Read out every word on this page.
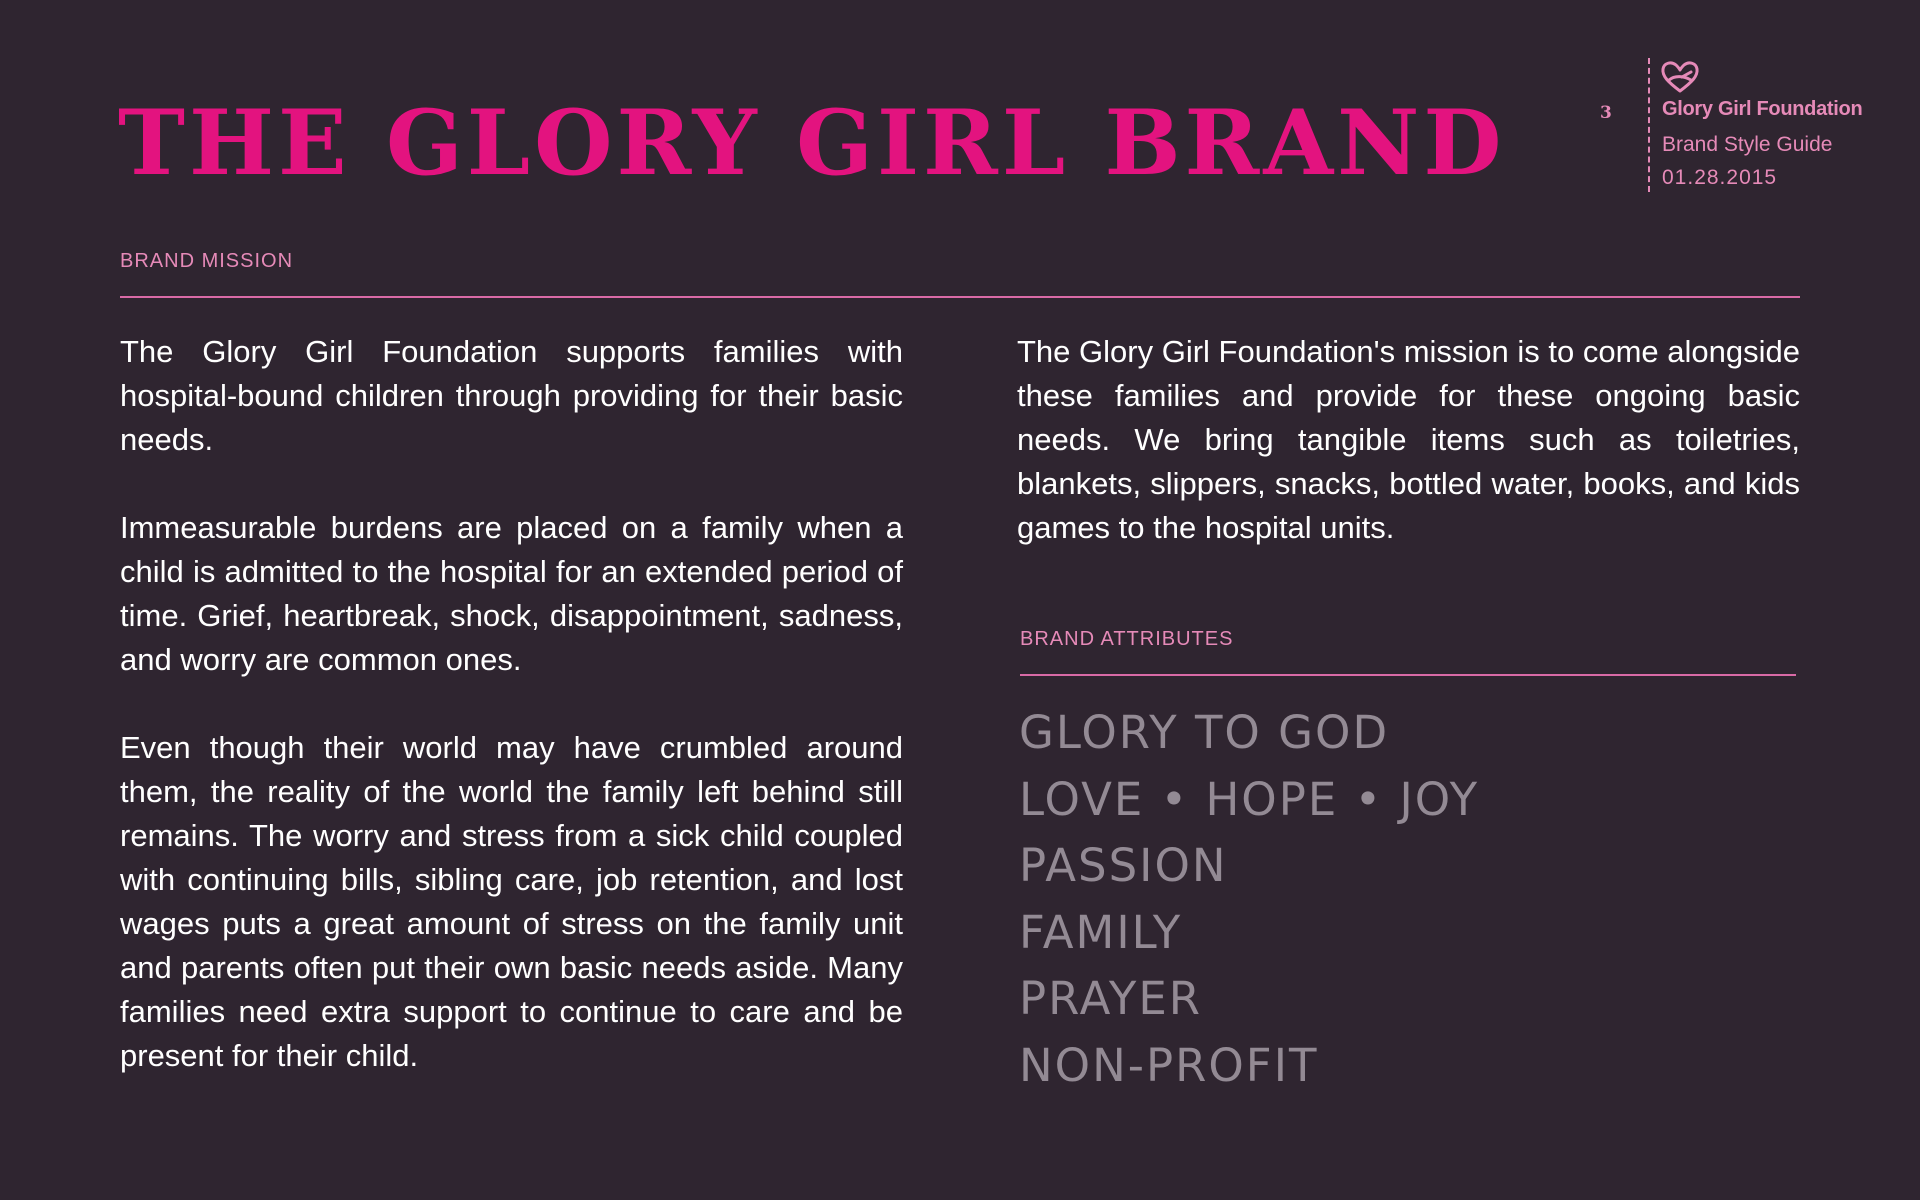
THE GLORY GIRL BRAND	3	Glory Girl Foundation
Brand Style Guide
01.28.2015
BRAND MISSION

The Glory Girl Foundation supports families with hospital-bound children through providing for their basic needs.

Immeasurable burdens are placed on a family when a child is admitted to the hospital for an extended period of time. Grief, heartbreak, shock, disappointment, sadness, and worry are common ones.

Even though their world may have crumbled around them, the reality of the world the family left behind still remains. The worry and stress from a sick child coupled with continuing bills, sibling care, job retention, and lost wages puts a great amount of stress on the family unit and parents often put their own basic needs aside. Many families need extra support to continue to care and be present for their child.

The Glory Girl Foundation's mission is to come alongside these families and provide for these ongoing basic needs. We bring tangible items such as toiletries, blankets, slippers, snacks, bottled water, books, and kids games to the hospital units.

BRAND ATTRIBUTES
GLORY TO GOD
LOVE • HOPE • JOY
PASSION
FAMILY
PRAYER
NON-PROFIT
